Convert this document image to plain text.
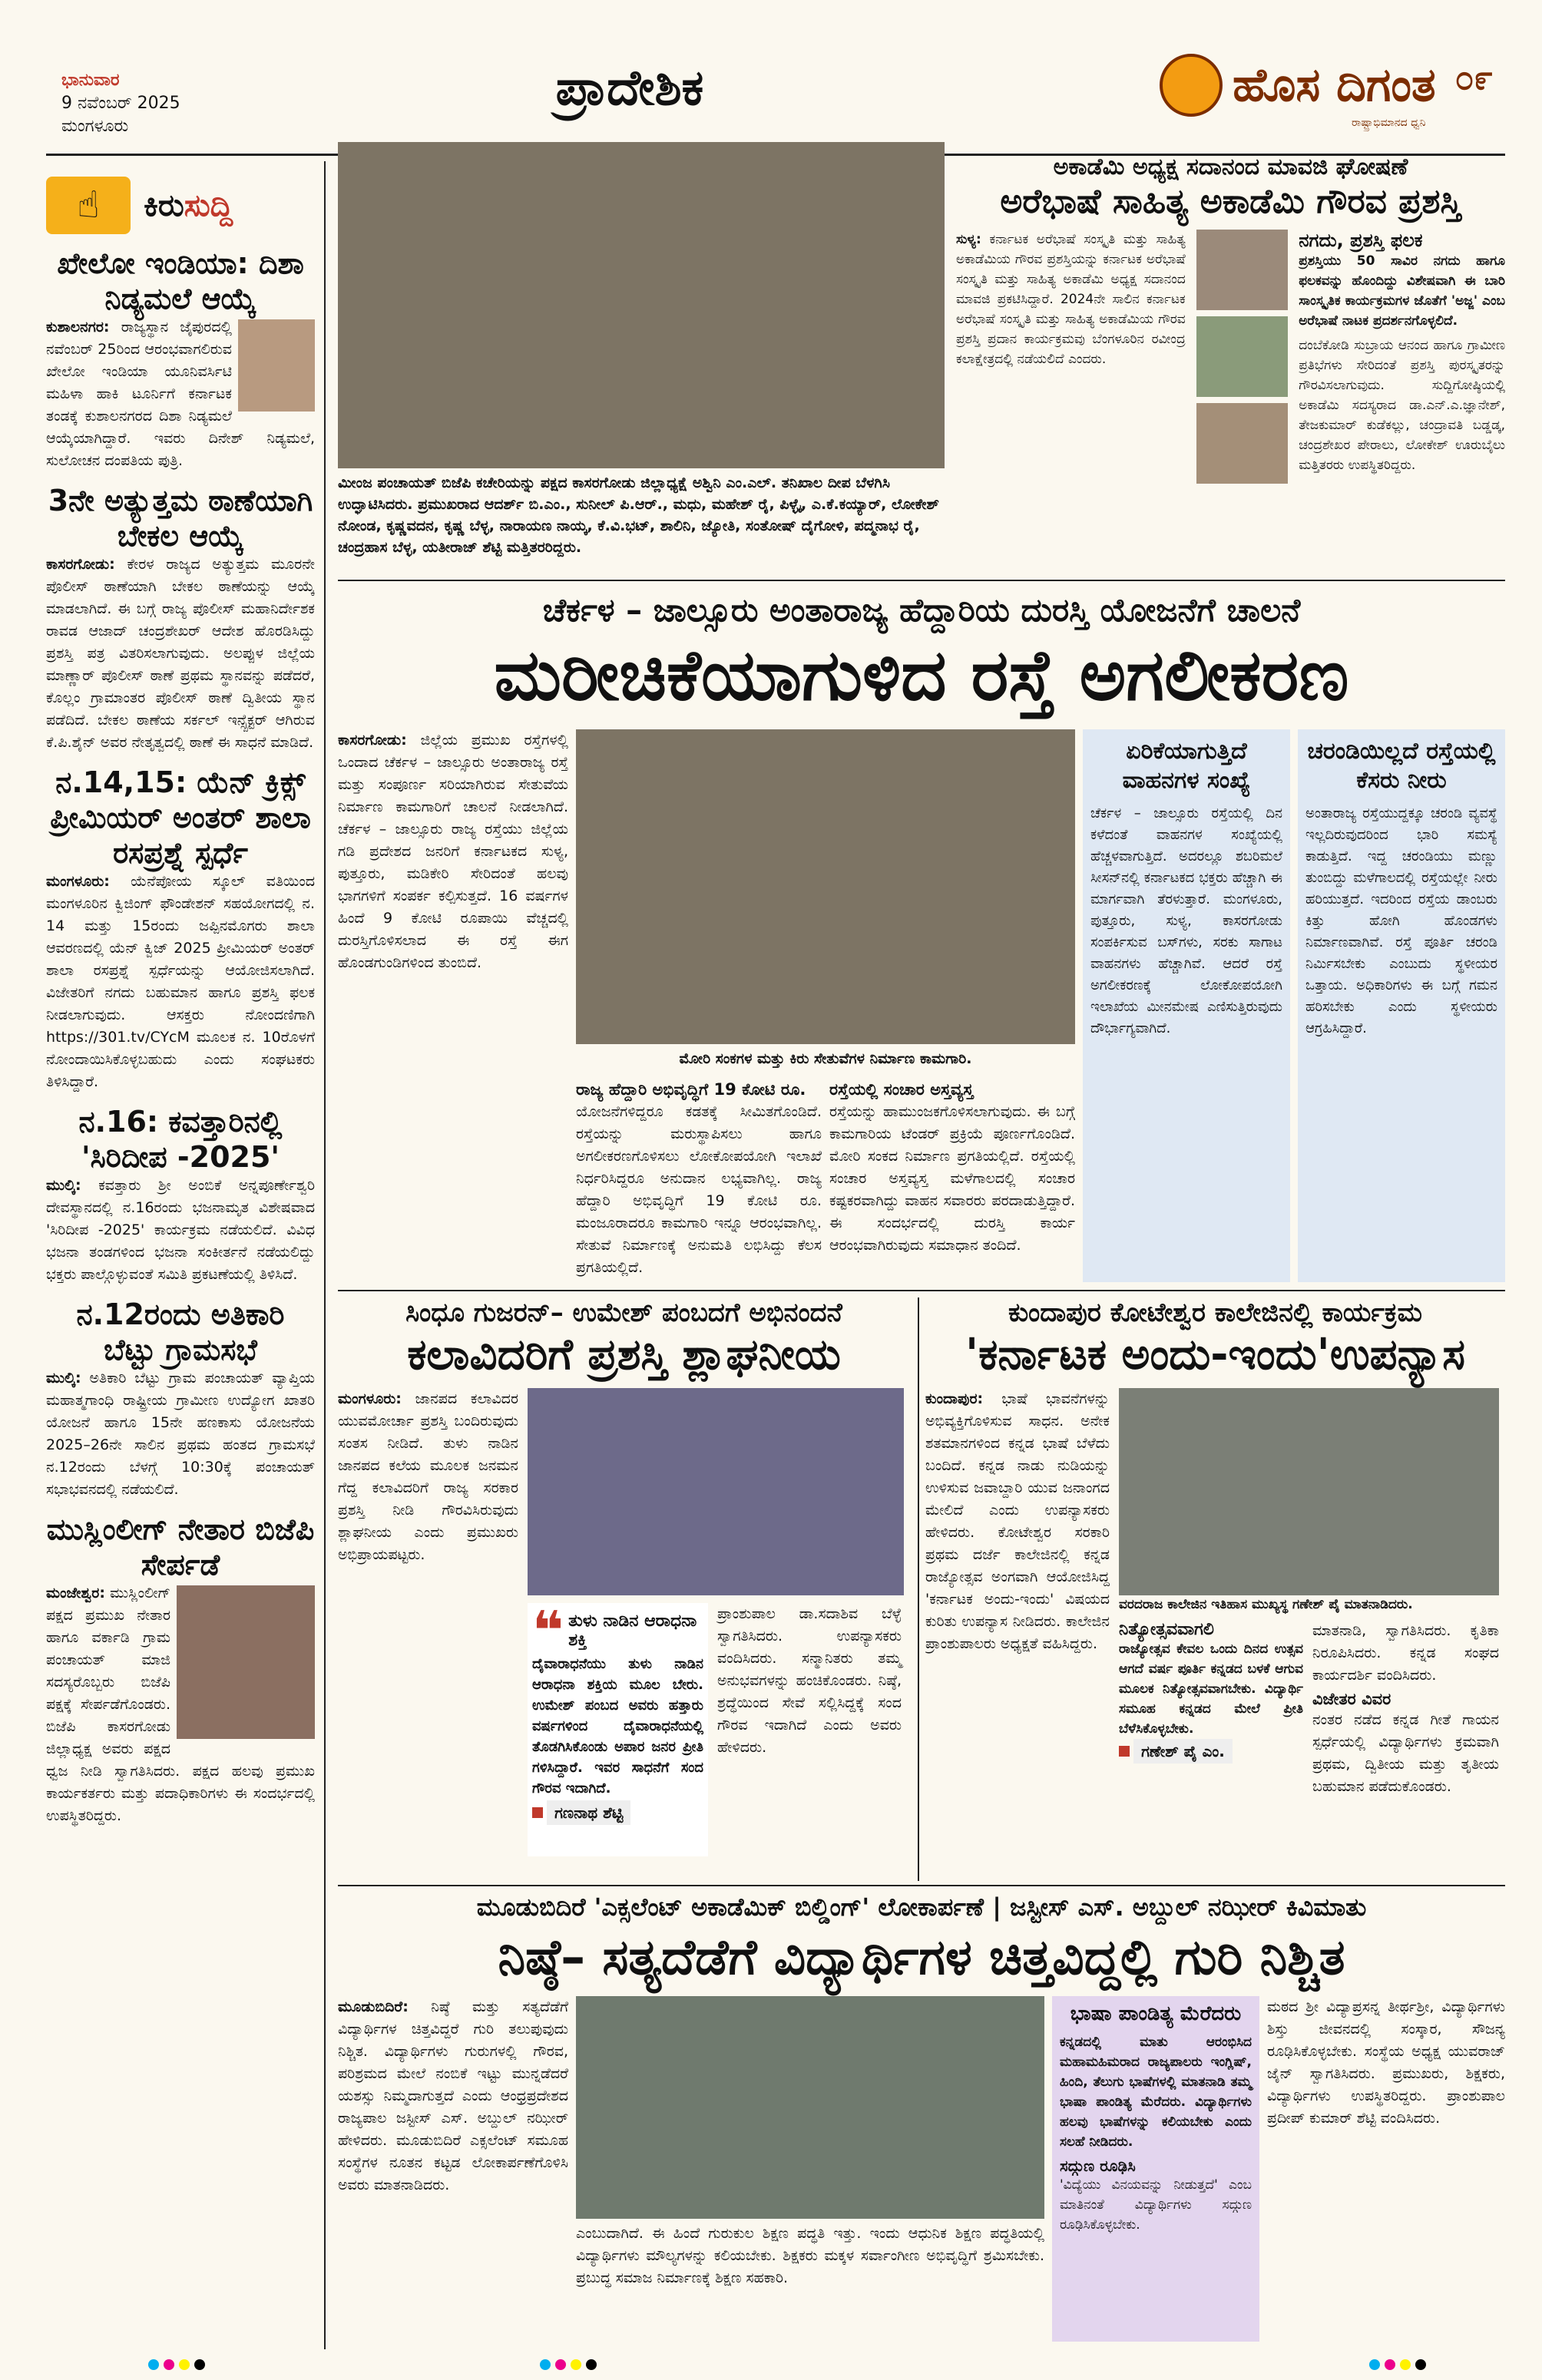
ಭಾನುವಾರ
9 ನವೆಂಬರ್ 2025
ಮಂಗಳೂರು
ಪ್ರಾದೇಶಿಕ	ಹೊಸ ದಿಗಂತ ೦೯
ರಾಷ್ಟ್ರಾಭಿಮಾನದ ಧ್ವನಿ
☝ ಕಿರುಸುದ್ದಿ
ಖೇಲೋ ಇಂಡಿಯಾ: ದಿಶಾ ನಿಡ್ಯಮಲೆ ಆಯ್ಕೆ
ಕುಶಾಲನಗರ: ರಾಜ್ಯಸ್ಥಾನ ಜೈಪುರದಲ್ಲಿ ನವೆಂಬರ್ 25ರಿಂದ ಆರಂಭವಾಗಲಿರುವ ಖೇಲೋ ಇಂಡಿಯಾ ಯೂನಿವರ್ಸಿಟಿ ಮಹಿಳಾ ಹಾಕಿ ಟೂರ್ನಿಗೆ ಕರ್ನಾಟಕ ತಂಡಕ್ಕೆ ಕುಶಾಲನಗರದ ದಿಶಾ ನಿಡ್ಯಮಲೆ ಆಯ್ಕೆಯಾಗಿದ್ದಾರೆ. ಇವರು ದಿನೇಶ್ ನಿಡ್ಯಮಲೆ, ಸುಲೋಚನ ದಂಪತಿಯ ಪುತ್ರಿ.
3ನೇ ಅತ್ಯುತ್ತಮ ಠಾಣೆಯಾಗಿ ಬೇಕಲ ಆಯ್ಕೆ
ಕಾಸರಗೋಡು: ಕೇರಳ ರಾಜ್ಯದ ಅತ್ಯುತ್ತಮ ಮೂರನೇ ಪೊಲೀಸ್ ಠಾಣೆಯಾಗಿ ಬೇಕಲ ಠಾಣೆಯನ್ನು ಆಯ್ಕೆ ಮಾಡಲಾಗಿದೆ. ಈ ಬಗ್ಗೆ ರಾಜ್ಯ ಪೊಲೀಸ್ ಮಹಾನಿರ್ದೇಶಕ ರಾವಡ ಆಜಾದ್ ಚಂದ್ರಶೇಖರ್ ಆದೇಶ ಹೊರಡಿಸಿದ್ದು ಪ್ರಶಸ್ತಿ ಪತ್ರ ವಿತರಿಸಲಾಗುವುದು. ಅಲಪ್ಪುಳ ಜಿಲ್ಲೆಯ ಮಾಣ್ಣಾರ್ ಪೊಲೀಸ್ ಠಾಣೆ ಪ್ರಥಮ ಸ್ಥಾನವನ್ನು ಪಡೆದರೆ, ಕೊಲ್ಲಂ ಗ್ರಾಮಾಂತರ ಪೊಲೀಸ್ ಠಾಣೆ ದ್ವಿತೀಯ ಸ್ಥಾನ ಪಡೆದಿದೆ. ಬೇಕಲ ಠಾಣೆಯ ಸರ್ಕಲ್ ಇನ್ಸ್ಪೆಕ್ಟರ್ ಆಗಿರುವ ಕೆ.ಪಿ.ಶೈನ್ ಅವರ ನೇತೃತ್ವದಲ್ಲಿ ಠಾಣೆ ಈ ಸಾಧನೆ ಮಾಡಿದೆ.
ನ.14,15: ಯೆನ್ ಕ್ರಿಕ್ಸ್ ಪ್ರೀಮಿಯರ್ ಅಂತರ್ ಶಾಲಾ ರಸಪ್ರಶ್ನೆ ಸ್ಪರ್ಧೆ
ಮಂಗಳೂರು: ಯೆನೆಪೋಯ ಸ್ಕೂಲ್ ವತಿಯಿಂದ ಮಂಗಳೂರಿನ ಕ್ವಿಜಿಂಗ್ ಫೌಂಡೇಶನ್ ಸಹಯೋಗದಲ್ಲಿ ನ. 14 ಮತ್ತು 15ರಂದು ಜಪ್ಪಿನಮೊಗರು ಶಾಲಾ ಆವರಣದಲ್ಲಿ ಯೆನ್ ಕ್ವಿಜ್ 2025 ಪ್ರೀಮಿಯರ್ ಅಂತರ್ ಶಾಲಾ ರಸಪ್ರಶ್ನೆ ಸ್ಪರ್ಧೆಯನ್ನು ಆಯೋಜಿಸಲಾಗಿದೆ. ವಿಜೇತರಿಗೆ ನಗದು ಬಹುಮಾನ ಹಾಗೂ ಪ್ರಶಸ್ತಿ ಫಲಕ ನೀಡಲಾಗುವುದು. ಆಸಕ್ತರು ನೋಂದಣಿಗಾಗಿ https://301.tv/CYcM ಮೂಲಕ ನ. 10ರೊಳಗೆ ನೋಂದಾಯಿಸಿಕೊಳ್ಳಬಹುದು ಎಂದು ಸಂಘಟಕರು ತಿಳಿಸಿದ್ದಾರೆ.
ನ.16: ಕವತ್ತಾರಿನಲ್ಲಿ 'ಸಿರಿದೀಪ -2025'
ಮುಲ್ಕಿ: ಕವತ್ತಾರು ಶ್ರೀ ಅಂಬಿಕೆ ಅನ್ನಪೂರ್ಣೇಶ್ವರಿ ದೇವಸ್ಥಾನದಲ್ಲಿ ನ.16ರಂದು ಭಜನಾಮೃತ ವಿಶೇಷವಾದ 'ಸಿರಿದೀಪ -2025' ಕಾರ್ಯಕ್ರಮ ನಡೆಯಲಿದೆ. ವಿವಿಧ ಭಜನಾ ತಂಡಗಳಿಂದ ಭಜನಾ ಸಂಕೀರ್ತನೆ ನಡೆಯಲಿದ್ದು ಭಕ್ತರು ಪಾಲ್ಗೊಳ್ಳುವಂತೆ ಸಮಿತಿ ಪ್ರಕಟಣೆಯಲ್ಲಿ ತಿಳಿಸಿದೆ.
ನ.12ರಂದು ಅತಿಕಾರಿ ಬೆಟ್ಟು ಗ್ರಾಮಸಭೆ
ಮುಲ್ಕಿ: ಅತಿಕಾರಿ ಬೆಟ್ಟು ಗ್ರಾಮ ಪಂಚಾಯತ್ ವ್ಯಾಪ್ತಿಯ ಮಹಾತ್ಮಗಾಂಧಿ ರಾಷ್ಟ್ರೀಯ ಗ್ರಾಮೀಣ ಉದ್ಯೋಗ ಖಾತರಿ ಯೋಜನೆ ಹಾಗೂ 15ನೇ ಹಣಕಾಸು ಯೋಜನೆಯ 2025–26ನೇ ಸಾಲಿನ ಪ್ರಥಮ ಹಂತದ ಗ್ರಾಮಸಭೆ ನ.12ರಂದು ಬೆಳಗ್ಗೆ 10:30ಕ್ಕೆ ಪಂಚಾಯತ್ ಸಭಾಭವನದಲ್ಲಿ ನಡೆಯಲಿದೆ.
ಮುಸ್ಲಿಂಲೀಗ್ ನೇತಾರ ಬಿಜೆಪಿ ಸೇರ್ಪಡೆ
ಮಂಜೇಶ್ವರ: ಮುಸ್ಲಿಂಲೀಗ್ ಪಕ್ಷದ ಪ್ರಮುಖ ನೇತಾರ ಹಾಗೂ ವರ್ಕಾಡಿ ಗ್ರಾಮ ಪಂಚಾಯತ್ ಮಾಜಿ ಸದಸ್ಯರೊಬ್ಬರು ಬಿಜೆಪಿ ಪಕ್ಷಕ್ಕೆ ಸೇರ್ಪಡೆಗೊಂಡರು. ಬಿಜೆಪಿ ಕಾಸರಗೋಡು ಜಿಲ್ಲಾಧ್ಯಕ್ಷ ಅವರು ಪಕ್ಷದ ಧ್ವಜ ನೀಡಿ ಸ್ವಾಗತಿಸಿದರು. ಪಕ್ಷದ ಹಲವು ಪ್ರಮುಖ ಕಾರ್ಯಕರ್ತರು ಮತ್ತು ಪದಾಧಿಕಾರಿಗಳು ಈ ಸಂದರ್ಭದಲ್ಲಿ ಉಪಸ್ಥಿತರಿದ್ದರು.
ಮೀಂಜ ಪಂಚಾಯತ್ ಬಿಜೆಪಿ ಕಚೇರಿಯನ್ನು ಪಕ್ಷದ ಕಾಸರಗೋಡು ಜಿಲ್ಲಾಧ್ಯಕ್ಷೆ ಅಶ್ವಿನಿ ಎಂ.ಎಲ್. ತನಿಖಾಲ ದೀಪ ಬೆಳಗಿಸಿ ಉದ್ಘಾಟಿಸಿದರು. ಪ್ರಮುಖರಾದ ಆದರ್ಶ್ ಬಿ.ಎಂ., ಸುನೀಲ್ ಪಿ.ಆರ್., ಮಧು, ಮಹೇಶ್ ರೈ, ಪಿಳ್ಳೈ, ಎ.ಕೆ.ಕಯ್ಯಾರ್, ಲೋಕೇಶ್ ನೋಂಡ, ಕೃಷ್ಣವದನ, ಕೃಷ್ಣ ಬೆಳ್ಳ, ನಾರಾಯಣ ನಾಯ್ಕ, ಕೆ.ವಿ.ಭಟ್, ಶಾಲಿನಿ, ಜ್ಯೋತಿ, ಸಂತೋಷ್ ದೈಗೋಳಿ, ಪದ್ಮನಾಭ ರೈ, ಚಂದ್ರಹಾಸ ಬೆಳ್ಳ, ಯತೀರಾಜ್ ಶೆಟ್ಟಿ ಮತ್ತಿತರರಿದ್ದರು.
ಅಕಾಡೆಮಿ ಅಧ್ಯಕ್ಷ ಸದಾನಂದ ಮಾವಜಿ ಘೋಷಣೆ
ಅರೆಭಾಷೆ ಸಾಹಿತ್ಯ ಅಕಾಡೆಮಿ ಗೌರವ ಪ್ರಶಸ್ತಿ
ಸುಳ್ಯ: ಕರ್ನಾಟಕ ಅರೆಭಾಷೆ ಸಂಸ್ಕೃತಿ ಮತ್ತು ಸಾಹಿತ್ಯ ಅಕಾಡೆಮಿಯ ಗೌರವ ಪ್ರಶಸ್ತಿಯನ್ನು ಕರ್ನಾಟಕ ಅರೆಭಾಷೆ ಸಂಸ್ಕೃತಿ ಮತ್ತು ಸಾಹಿತ್ಯ ಅಕಾಡೆಮಿ ಅಧ್ಯಕ್ಷ ಸದಾನಂದ ಮಾವಜಿ ಪ್ರಕಟಿಸಿದ್ದಾರೆ. 2024ನೇ ಸಾಲಿನ ಕರ್ನಾಟಕ ಅರೆಭಾಷೆ ಸಂಸ್ಕೃತಿ ಮತ್ತು ಸಾಹಿತ್ಯ ಅಕಾಡೆಮಿಯ ಗೌರವ ಪ್ರಶಸ್ತಿ ಪ್ರದಾನ ಕಾರ್ಯಕ್ರಮವು ಬೆಂಗಳೂರಿನ ರವೀಂದ್ರ ಕಲಾಕ್ಷೇತ್ರದಲ್ಲಿ ನಡೆಯಲಿದೆ ಎಂದರು.
ನಗದು, ಪ್ರಶಸ್ತಿ ಫಲಕ
ಪ್ರಶಸ್ತಿಯು 50 ಸಾವಿರ ನಗದು ಹಾಗೂ ಫಲಕವನ್ನು ಹೊಂದಿದ್ದು ವಿಶೇಷವಾಗಿ ಈ ಬಾರಿ ಸಾಂಸ್ಕೃತಿಕ ಕಾರ್ಯಕ್ರಮಗಳ ಜೊತೆಗೆ 'ಅಜ್ಜ' ಎಂಬ ಅರೆಭಾಷೆ ನಾಟಕ ಪ್ರದರ್ಶನಗೊಳ್ಳಲಿದೆ.
ದಂಬೆಕೋಡಿ ಸುಬ್ರಾಯ ಆನಂದ ಹಾಗೂ ಗ್ರಾಮೀಣ ಪ್ರತಿಭೆಗಳು ಸೇರಿದಂತೆ ಪ್ರಶಸ್ತಿ ಪುರಸ್ಕೃತರನ್ನು ಗೌರವಿಸಲಾಗುವುದು. ಸುದ್ದಿಗೋಷ್ಠಿಯಲ್ಲಿ ಅಕಾಡೆಮಿ ಸದಸ್ಯರಾದ ಡಾ.ಎನ್.ಎ.ಜ್ಞಾನೇಶ್, ತೇಜಕುಮಾರ್ ಕುಡೆಕಲ್ಲು, ಚಂದ್ರಾವತಿ ಬಡ್ಡಡ್ಕ, ಚಂದ್ರಶೇಖರ ಪೇರಾಲು, ಲೋಕೇಶ್ ಊರುಬೈಲು ಮತ್ತಿತರರು ಉಪಸ್ಥಿತರಿದ್ದರು.
ಚೆರ್ಕಳ – ಜಾಲ್ಸೂರು ಅಂತಾರಾಜ್ಯ ಹೆದ್ದಾರಿಯ ದುರಸ್ತಿ ಯೋಜನೆಗೆ ಚಾಲನೆ
ಮರೀಚಿಕೆಯಾಗುಳಿದ ರಸ್ತೆ ಅಗಲೀಕರಣ
ಕಾಸರಗೋಡು: ಜಿಲ್ಲೆಯ ಪ್ರಮುಖ ರಸ್ತೆಗಳಲ್ಲಿ ಒಂದಾದ ಚೆರ್ಕಳ – ಜಾಲ್ಸೂರು ಅಂತಾರಾಜ್ಯ ರಸ್ತೆ ಮತ್ತು ಸಂಪೂರ್ಣ ಸರಿಯಾಗಿರುವ ಸೇತುವೆಯ ನಿರ್ಮಾಣ ಕಾಮಗಾರಿಗೆ ಚಾಲನೆ ನೀಡಲಾಗಿದೆ. ಚೆರ್ಕಳ – ಜಾಲ್ಸೂರು ರಾಜ್ಯ ರಸ್ತೆಯು ಜಿಲ್ಲೆಯ ಗಡಿ ಪ್ರದೇಶದ ಜನರಿಗೆ ಕರ್ನಾಟಕದ ಸುಳ್ಯ, ಪುತ್ತೂರು, ಮಡಿಕೇರಿ ಸೇರಿದಂತೆ ಹಲವು ಭಾಗಗಳಿಗೆ ಸಂಪರ್ಕ ಕಲ್ಪಿಸುತ್ತದೆ. 16 ವರ್ಷಗಳ ಹಿಂದೆ 9 ಕೋಟಿ ರೂಪಾಯಿ ವೆಚ್ಚದಲ್ಲಿ ದುರಸ್ತಿಗೊಳಿಸಲಾದ ಈ ರಸ್ತೆ ಈಗ ಹೊಂಡಗುಂಡಿಗಳಿಂದ ತುಂಬಿದೆ.
ಮೋರಿ ಸಂಕಗಳ ಮತ್ತು ಕಿರು ಸೇತುವೆಗಳ ನಿರ್ಮಾಣ ಕಾಮಗಾರಿ.
ರಾಜ್ಯ ಹೆದ್ದಾರಿ ಅಭಿವೃದ್ಧಿಗೆ 19 ಕೋಟಿ ರೂ.
ಯೋಜನೆಗಳಿದ್ದರೂ ಕಡತಕ್ಕೆ ಸೀಮಿತಗೊಂಡಿದೆ. ರಸ್ತೆಯನ್ನು ಮರುಸ್ಥಾಪಿಸಲು ಹಾಗೂ ಅಗಲೀಕರಣಗೊಳಿಸಲು ಲೋಕೋಪಯೋಗಿ ಇಲಾಖೆ ನಿರ್ಧರಿಸಿದ್ದರೂ ಅನುದಾನ ಲಭ್ಯವಾಗಿಲ್ಲ. ರಾಜ್ಯ ಹೆದ್ದಾರಿ ಅಭಿವೃದ್ಧಿಗೆ 19 ಕೋಟಿ ರೂ. ಮಂಜೂರಾದರೂ ಕಾಮಗಾರಿ ಇನ್ನೂ ಆರಂಭವಾಗಿಲ್ಲ. ಸೇತುವೆ ನಿರ್ಮಾಣಕ್ಕೆ ಅನುಮತಿ ಲಭಿಸಿದ್ದು ಕೆಲಸ ಪ್ರಗತಿಯಲ್ಲಿದೆ.
ರಸ್ತೆಯಲ್ಲಿ ಸಂಚಾರ ಅಸ್ತವ್ಯಸ್ತ
ರಸ್ತೆಯನ್ನು ಹಾಮುಂಜಕಗೊಳಿಸಲಾಗುವುದು. ಈ ಬಗ್ಗೆ ಕಾಮಗಾರಿಯ ಟೆಂಡರ್ ಪ್ರಕ್ರಿಯೆ ಪೂರ್ಣಗೊಂಡಿದೆ. ಮೋರಿ ಸಂಕದ ನಿರ್ಮಾಣ ಪ್ರಗತಿಯಲ್ಲಿದೆ. ರಸ್ತೆಯಲ್ಲಿ ಸಂಚಾರ ಅಸ್ತವ್ಯಸ್ತ ಮಳೆಗಾಲದಲ್ಲಿ ಸಂಚಾರ ಕಷ್ಟಕರವಾಗಿದ್ದು ವಾಹನ ಸವಾರರು ಪರದಾಡುತ್ತಿದ್ದಾರೆ. ಈ ಸಂದರ್ಭದಲ್ಲಿ ದುರಸ್ತಿ ಕಾರ್ಯ ಆರಂಭವಾಗಿರುವುದು ಸಮಾಧಾನ ತಂದಿದೆ.
ಏರಿಕೆಯಾಗುತ್ತಿದೆ ವಾಹನಗಳ ಸಂಖ್ಯೆ
ಚೆರ್ಕಳ – ಜಾಲ್ಸೂರು ರಸ್ತೆಯಲ್ಲಿ ದಿನ ಕಳೆದಂತೆ ವಾಹನಗಳ ಸಂಖ್ಯೆಯಲ್ಲಿ ಹೆಚ್ಚಳವಾಗುತ್ತಿದೆ. ಅದರಲ್ಲೂ ಶಬರಿಮಲೆ ಸೀಸನ್‌ನಲ್ಲಿ ಕರ್ನಾಟಕದ ಭಕ್ತರು ಹೆಚ್ಚಾಗಿ ಈ ಮಾರ್ಗವಾಗಿ ತೆರಳುತ್ತಾರೆ. ಮಂಗಳೂರು, ಪುತ್ತೂರು, ಸುಳ್ಯ, ಕಾಸರಗೋಡು ಸಂಪರ್ಕಿಸುವ ಬಸ್‌ಗಳು, ಸರಕು ಸಾಗಾಟ ವಾಹನಗಳು ಹೆಚ್ಚಾಗಿವೆ. ಆದರೆ ರಸ್ತೆ ಅಗಲೀಕರಣಕ್ಕೆ ಲೋಕೋಪಯೋಗಿ ಇಲಾಖೆಯ ಮೀನಮೇಷ ಎಣಿಸುತ್ತಿರುವುದು ದೌರ್ಭಾಗ್ಯವಾಗಿದೆ.
ಚರಂಡಿಯಿಲ್ಲದೆ ರಸ್ತೆಯಲ್ಲಿ ಕೆಸರು ನೀರು
ಅಂತಾರಾಜ್ಯ ರಸ್ತೆಯುದ್ದಕ್ಕೂ ಚರಂಡಿ ವ್ಯವಸ್ಥೆ ಇಲ್ಲದಿರುವುದರಿಂದ ಭಾರಿ ಸಮಸ್ಯೆ ಕಾಡುತ್ತಿದೆ. ಇದ್ದ ಚರಂಡಿಯು ಮಣ್ಣು ತುಂಬಿದ್ದು ಮಳೆಗಾಲದಲ್ಲಿ ರಸ್ತೆಯಲ್ಲೇ ನೀರು ಹರಿಯುತ್ತದೆ. ಇದರಿಂದ ರಸ್ತೆಯ ಡಾಂಬರು ಕಿತ್ತು ಹೋಗಿ ಹೊಂಡಗಳು ನಿರ್ಮಾಣವಾಗಿವೆ. ರಸ್ತೆ ಪೂರ್ತಿ ಚರಂಡಿ ನಿರ್ಮಿಸಬೇಕು ಎಂಬುದು ಸ್ಥಳೀಯರ ಒತ್ತಾಯ. ಅಧಿಕಾರಿಗಳು ಈ ಬಗ್ಗೆ ಗಮನ ಹರಿಸಬೇಕು ಎಂದು ಸ್ಥಳೀಯರು ಆಗ್ರಹಿಸಿದ್ದಾರೆ.
ಸಿಂಧೂ ಗುಜರನ್– ಉಮೇಶ್ ಪಂಬದಗೆ ಅಭಿನಂದನೆ
ಕಲಾವಿದರಿಗೆ ಪ್ರಶಸ್ತಿ ಶ್ಲಾಘನೀಯ
ಮಂಗಳೂರು: ಜಾನಪದ ಕಲಾವಿದರ ಯುವಮೋರ್ಚಾ ಪ್ರಶಸ್ತಿ ಬಂದಿರುವುದು ಸಂತಸ ನೀಡಿದೆ. ತುಳು ನಾಡಿನ ಜಾನಪದ ಕಲೆಯ ಮೂಲಕ ಜನಮನ ಗೆದ್ದ ಕಲಾವಿದರಿಗೆ ರಾಜ್ಯ ಸರಕಾರ ಪ್ರಶಸ್ತಿ ನೀಡಿ ಗೌರವಿಸಿರುವುದು ಶ್ಲಾಘನೀಯ ಎಂದು ಪ್ರಮುಖರು ಅಭಿಪ್ರಾಯಪಟ್ಟರು.
❝ ತುಳು ನಾಡಿನ ಆರಾಧನಾ ಶಕ್ತಿ
ದೈವಾರಾಧನೆಯು ತುಳು ನಾಡಿನ ಆರಾಧನಾ ಶಕ್ತಿಯ ಮೂಲ ಬೇರು. ಉಮೇಶ್ ಪಂಬದ ಅವರು ಹತ್ತಾರು ವರ್ಷಗಳಿಂದ ದೈವಾರಾಧನೆಯಲ್ಲಿ ತೊಡಗಿಸಿಕೊಂಡು ಅಪಾರ ಜನರ ಪ್ರೀತಿ ಗಳಿಸಿದ್ದಾರೆ. ಇವರ ಸಾಧನೆಗೆ ಸಂದ ಗೌರವ ಇದಾಗಿದೆ.
ಗಣನಾಥ ಶೆಟ್ಟಿ
ಪ್ರಾಂಶುಪಾಲ ಡಾ.ಸದಾಶಿವ ಬೆಳ್ಳೆ ಸ್ವಾಗತಿಸಿದರು. ಉಪನ್ಯಾಸಕರು ವಂದಿಸಿದರು. ಸನ್ಮಾನಿತರು ತಮ್ಮ ಅನುಭವಗಳನ್ನು ಹಂಚಿಕೊಂಡರು. ನಿಷ್ಠೆ, ಶ್ರದ್ಧೆಯಿಂದ ಸೇವೆ ಸಲ್ಲಿಸಿದ್ದಕ್ಕೆ ಸಂದ ಗೌರವ ಇದಾಗಿದೆ ಎಂದು ಅವರು ಹೇಳಿದರು.
ಕುಂದಾಪುರ ಕೋಟೇಶ್ವರ ಕಾಲೇಜಿನಲ್ಲಿ ಕಾರ್ಯಕ್ರಮ
'ಕರ್ನಾಟಕ ಅಂದು-ಇಂದು'ಉಪನ್ಯಾಸ
ಕುಂದಾಪುರ: ಭಾಷೆ ಭಾವನೆಗಳನ್ನು ಅಭಿವ್ಯಕ್ತಿಗೊಳಿಸುವ ಸಾಧನ. ಅನೇಕ ಶತಮಾನಗಳಿಂದ ಕನ್ನಡ ಭಾಷೆ ಬೆಳೆದು ಬಂದಿದೆ. ಕನ್ನಡ ನಾಡು ನುಡಿಯನ್ನು ಉಳಿಸುವ ಜವಾಬ್ದಾರಿ ಯುವ ಜನಾಂಗದ ಮೇಲಿದೆ ಎಂದು ಉಪನ್ಯಾಸಕರು ಹೇಳಿದರು. ಕೋಟೇಶ್ವರ ಸರಕಾರಿ ಪ್ರಥಮ ದರ್ಜೆ ಕಾಲೇಜಿನಲ್ಲಿ ಕನ್ನಡ ರಾಜ್ಯೋತ್ಸವ ಅಂಗವಾಗಿ ಆಯೋಜಿಸಿದ್ದ 'ಕರ್ನಾಟಕ ಅಂದು-ಇಂದು' ವಿಷಯದ ಕುರಿತು ಉಪನ್ಯಾಸ ನೀಡಿದರು. ಕಾಲೇಜಿನ ಪ್ರಾಂಶುಪಾಲರು ಅಧ್ಯಕ್ಷತೆ ವಹಿಸಿದ್ದರು.
ವರದರಾಜ ಕಾಲೇಜಿನ ಇತಿಹಾಸ ಮುಖ್ಯಸ್ಥ ಗಣೇಶ್ ಪೈ ಮಾತನಾಡಿದರು.
ನಿತ್ಯೋತ್ಸವವಾಗಲಿ
ರಾಜ್ಯೋತ್ಸವ ಕೇವಲ ಒಂದು ದಿನದ ಉತ್ಸವ ಆಗದೆ ವರ್ಷ ಪೂರ್ತಿ ಕನ್ನಡದ ಬಳಕೆ ಆಗುವ ಮೂಲಕ ನಿತ್ಯೋತ್ಸವವಾಗಬೇಕು. ವಿದ್ಯಾರ್ಥಿ ಸಮೂಹ ಕನ್ನಡದ ಮೇಲೆ ಪ್ರೀತಿ ಬೆಳೆಸಿಕೊಳ್ಳಬೇಕು.
ಗಣೇಶ್ ಪೈ ಎಂ.
ಮಾತನಾಡಿ, ಸ್ವಾಗತಿಸಿದರು. ಕೃತಿಕಾ ನಿರೂಪಿಸಿದರು. ಕನ್ನಡ ಸಂಘದ ಕಾರ್ಯದರ್ಶಿ ವಂದಿಸಿದರು.
ವಿಜೇತರ ವಿವರ
ನಂತರ ನಡೆದ ಕನ್ನಡ ಗೀತೆ ಗಾಯನ ಸ್ಪರ್ಧೆಯಲ್ಲಿ ವಿದ್ಯಾರ್ಥಿಗಳು ಕ್ರಮವಾಗಿ ಪ್ರಥಮ, ದ್ವಿತೀಯ ಮತ್ತು ತೃತೀಯ ಬಹುಮಾನ ಪಡೆದುಕೊಂಡರು.
ಮೂಡುಬಿದಿರೆ 'ಎಕ್ಸಲೆಂಟ್ ಅಕಾಡೆಮಿಕ್ ಬಿಲ್ಡಿಂಗ್' ಲೋಕಾರ್ಪಣೆ | ಜಸ್ಟೀಸ್ ಎಸ್. ಅಬ್ದುಲ್ ನಝೀರ್ ಕಿವಿಮಾತು
ನಿಷ್ಠೆ– ಸತ್ಯದೆಡೆಗೆ ವಿದ್ಯಾರ್ಥಿಗಳ ಚಿತ್ತವಿದ್ದಲ್ಲಿ ಗುರಿ ನಿಶ್ಚಿತ
ಮೂಡುಬಿದಿರೆ: ನಿಷ್ಠೆ ಮತ್ತು ಸತ್ಯದೆಡೆಗೆ ವಿದ್ಯಾರ್ಥಿಗಳ ಚಿತ್ತವಿದ್ದರೆ ಗುರಿ ತಲುಪುವುದು ನಿಶ್ಚಿತ. ವಿದ್ಯಾರ್ಥಿಗಳು ಗುರುಗಳಲ್ಲಿ ಗೌರವ, ಪರಿಶ್ರಮದ ಮೇಲೆ ನಂಬಿಕೆ ಇಟ್ಟು ಮುನ್ನಡೆದರೆ ಯಶಸ್ಸು ನಿಮ್ಮದಾಗುತ್ತದೆ ಎಂದು ಆಂಧ್ರಪ್ರದೇಶದ ರಾಜ್ಯಪಾಲ ಜಸ್ಟೀಸ್ ಎಸ್. ಅಬ್ದುಲ್ ನಝೀರ್ ಹೇಳಿದರು. ಮೂಡುಬಿದಿರೆ ಎಕ್ಸಲೆಂಟ್ ಸಮೂಹ ಸಂಸ್ಥೆಗಳ ನೂತನ ಕಟ್ಟಡ ಲೋಕಾರ್ಪಣೆಗೊಳಿಸಿ ಅವರು ಮಾತನಾಡಿದರು.
ಎಂಬುದಾಗಿದೆ. ಈ ಹಿಂದೆ ಗುರುಕುಲ ಶಿಕ್ಷಣ ಪದ್ಧತಿ ಇತ್ತು. ಇಂದು ಆಧುನಿಕ ಶಿಕ್ಷಣ ಪದ್ಧತಿಯಲ್ಲಿ ವಿದ್ಯಾರ್ಥಿಗಳು ಮೌಲ್ಯಗಳನ್ನು ಕಲಿಯಬೇಕು. ಶಿಕ್ಷಕರು ಮಕ್ಕಳ ಸರ್ವಾಂಗೀಣ ಅಭಿವೃದ್ಧಿಗೆ ಶ್ರಮಿಸಬೇಕು. ಪ್ರಬುದ್ಧ ಸಮಾಜ ನಿರ್ಮಾಣಕ್ಕೆ ಶಿಕ್ಷಣ ಸಹಕಾರಿ.
ಭಾಷಾ ಪಾಂಡಿತ್ಯ ಮೆರೆದರು
ಕನ್ನಡದಲ್ಲಿ ಮಾತು ಆರಂಭಿಸಿದ ಮಹಾಮಹಿಮರಾದ ರಾಜ್ಯಪಾಲರು ಇಂಗ್ಲಿಷ್, ಹಿಂದಿ, ತೆಲುಗು ಭಾಷೆಗಳಲ್ಲಿ ಮಾತನಾಡಿ ತಮ್ಮ ಭಾಷಾ ಪಾಂಡಿತ್ಯ ಮೆರೆದರು. ವಿದ್ಯಾರ್ಥಿಗಳು ಹಲವು ಭಾಷೆಗಳನ್ನು ಕಲಿಯಬೇಕು ಎಂದು ಸಲಹೆ ನೀಡಿದರು.
ಸದ್ಗುಣ ರೂಢಿಸಿ
'ವಿದ್ಯೆಯು ವಿನಯವನ್ನು ನೀಡುತ್ತದೆ' ಎಂಬ ಮಾತಿನಂತೆ ವಿದ್ಯಾರ್ಥಿಗಳು ಸದ್ಗುಣ ರೂಢಿಸಿಕೊಳ್ಳಬೇಕು.
ಮಠದ ಶ್ರೀ ವಿದ್ಯಾಪ್ರಸನ್ನ ತೀರ್ಥಶ್ರೀ, ವಿದ್ಯಾರ್ಥಿಗಳು ಶಿಸ್ತು ಜೀವನದಲ್ಲಿ ಸಂಸ್ಕಾರ, ಸೌಜನ್ಯ ರೂಢಿಸಿಕೊಳ್ಳಬೇಕು. ಸಂಸ್ಥೆಯ ಅಧ್ಯಕ್ಷ ಯುವರಾಜ್ ಜೈನ್ ಸ್ವಾಗತಿಸಿದರು. ಪ್ರಮುಖರು, ಶಿಕ್ಷಕರು, ವಿದ್ಯಾರ್ಥಿಗಳು ಉಪಸ್ಥಿತರಿದ್ದರು. ಪ್ರಾಂಶುಪಾಲ ಪ್ರದೀಪ್ ಕುಮಾರ್ ಶೆಟ್ಟಿ ವಂದಿಸಿದರು.
